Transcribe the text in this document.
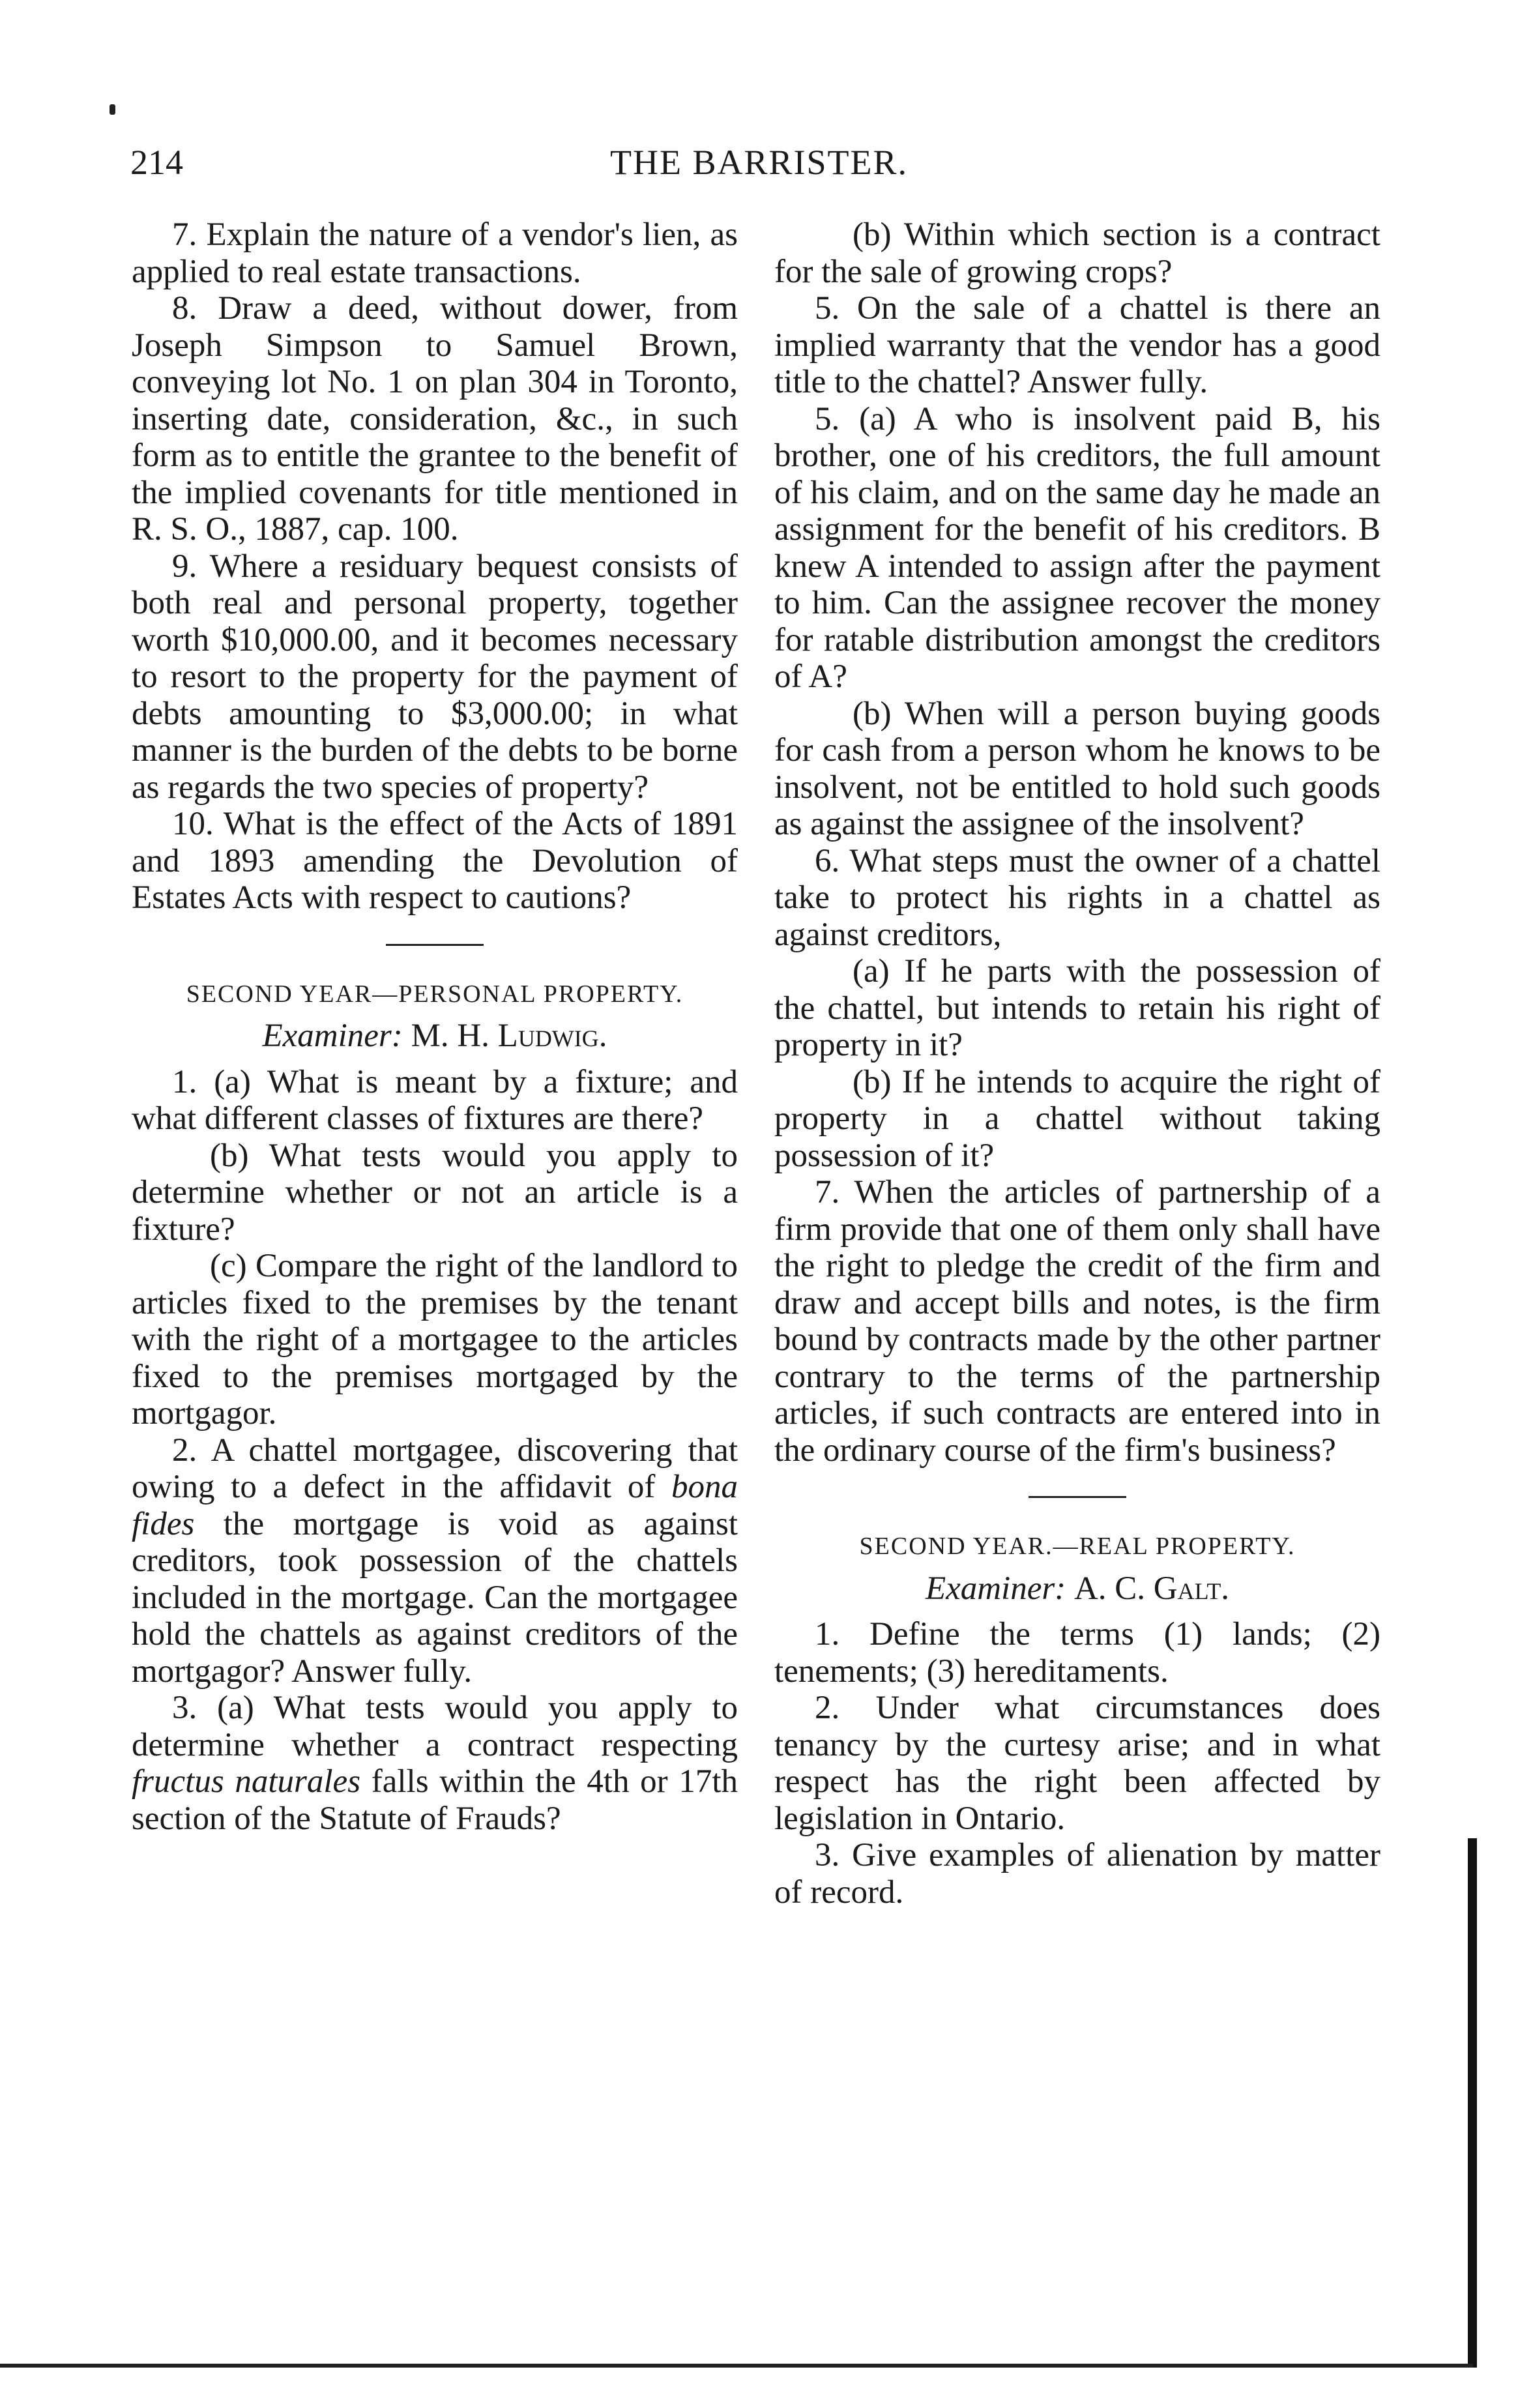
214	THE BARRISTER.

7. Explain the nature of a vendor's lien, as applied to real estate transactions.

8. Draw a deed, without dower, from Joseph Simpson to Samuel Brown, conveying lot No. 1 on plan 304 in Toronto, inserting date, consideration, &c., in such form as to entitle the grantee to the benefit of the implied covenants for title mentioned in R. S. O., 1887, cap. 100.

9. Where a residuary bequest consists of both real and personal property, together worth $10,000.00, and it becomes necessary to resort to the property for the payment of debts amounting to $3,000.00; in what manner is the burden of the debts to be borne as regards the two species of property?

10. What is the effect of the Acts of 1891 and 1893 amending the Devolution of Estates Acts with respect to cautions?

SECOND YEAR—PERSONAL PROPERTY.
Examiner: M. H. Ludwig.

1. (a) What is meant by a fixture; and what different classes of fixtures are there?

(b) What tests would you apply to determine whether or not an article is a fixture?

(c) Compare the right of the landlord to articles fixed to the premises by the tenant with the right of a mortgagee to the articles fixed to the premises mortgaged by the mortgagor.

2. A chattel mortgagee, discovering that owing to a defect in the affidavit of bona fides the mortgage is void as against creditors, took possession of the chattels included in the mortgage. Can the mortgagee hold the chattels as against creditors of the mortgagor? Answer fully.

3. (a) What tests would you apply to determine whether a contract respecting fructus naturales falls within the 4th or 17th section of the Statute of Frauds?

(b) Within which section is a contract for the sale of growing crops?

5. On the sale of a chattel is there an implied warranty that the vendor has a good title to the chattel? Answer fully.

5. (a) A who is insolvent paid B, his brother, one of his creditors, the full amount of his claim, and on the same day he made an assignment for the benefit of his creditors. B knew A intended to assign after the payment to him. Can the assignee recover the money for ratable distribution amongst the creditors of A?

(b) When will a person buying goods for cash from a person whom he knows to be insolvent, not be entitled to hold such goods as against the assignee of the insolvent?

6. What steps must the owner of a chattel take to protect his rights in a chattel as against creditors,

(a) If he parts with the possession of the chattel, but intends to retain his right of property in it?

(b) If he intends to acquire the right of property in a chattel without taking possession of it?

7. When the articles of partnership of a firm provide that one of them only shall have the right to pledge the credit of the firm and draw and accept bills and notes, is the firm bound by contracts made by the other partner contrary to the terms of the partnership articles, if such contracts are entered into in the ordinary course of the firm's business?

SECOND YEAR.—REAL PROPERTY.
Examiner: A. C. Galt.

1. Define the terms (1) lands; (2) tenements; (3) hereditaments.

2. Under what circumstances does tenancy by the curtesy arise; and in what respect has the right been affected by legislation in Ontario.

3. Give examples of alienation by matter of record.
